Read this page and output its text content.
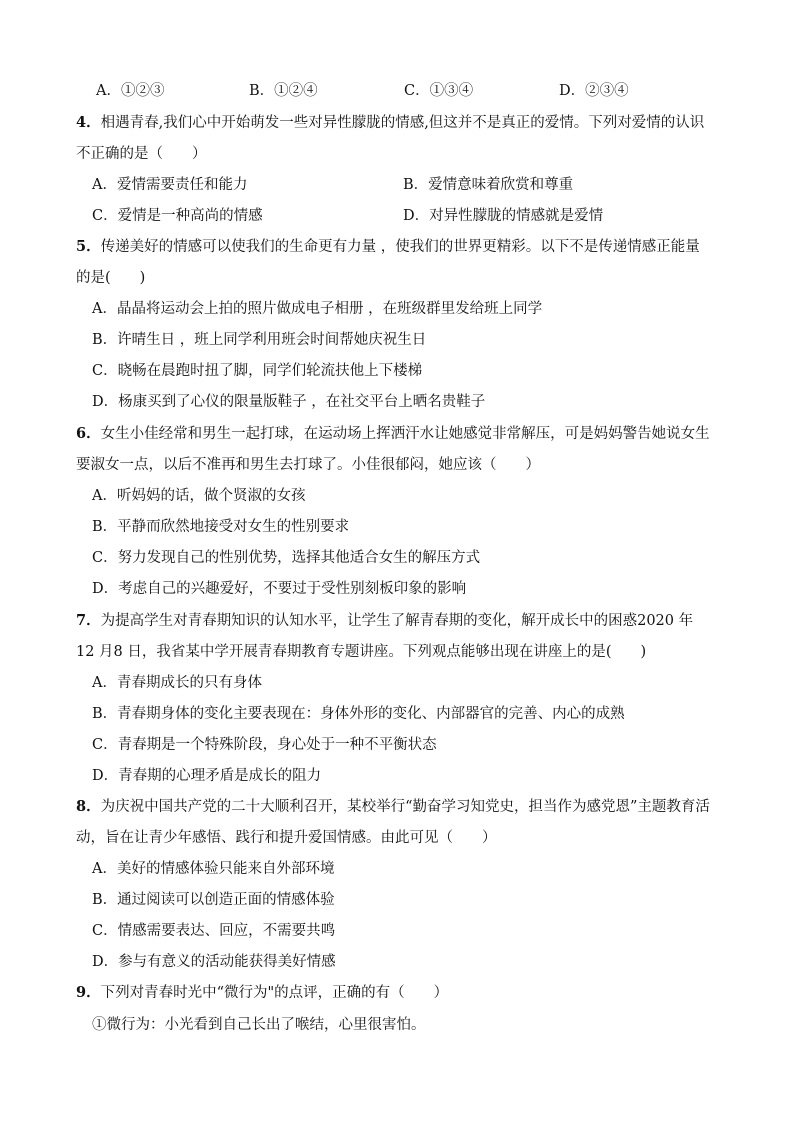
A．①②③	B．①②④	C．①③④	D．②③④
4．相遇青春,我们心中开始萌发一些对异性朦胧的情感,但这并不是真正的爱情。下列对爱情的认识
不正确的是（　　）
A．爱情需要责任和能力	B．爱情意味着欣赏和尊重
C．爱情是一种高尚的情感	D．对异性朦胧的情感就是爱情
5．传递美好的情感可以使我们的生命更有力量 ，使我们的世界更精彩。以下不是传递情感正能量
的是(　　)
A．晶晶将运动会上拍的照片做成电子相册 ，在班级群里发给班上同学
B．许晴生日 ，班上同学利用班会时间帮她庆祝生日
C．晓畅在晨跑时扭了脚，同学们轮流扶他上下楼梯
D．杨康买到了心仪的限量版鞋子 ，在社交平台上晒名贵鞋子
6．女生小佳经常和男生一起打球，在运动场上挥洒汗水让她感觉非常解压，可是妈妈警告她说女生
要淑女一点，以后不准再和男生去打球了。小佳很郁闷，她应该（　　）
A．听妈妈的话，做个贤淑的女孩
B．平静而欣然地接受对女生的性别要求
C．努力发现自己的性别优势，选择其他适合女生的解压方式
D．考虑自己的兴趣爱好，不要过于受性别刻板印象的影响
7．为提高学生对青春期知识的认知水平，让学生了解青春期的变化，解开成长中的困惑2020 年
12 月8 日，我省某中学开展青春期教育专题讲座。下列观点能够出现在讲座上的是(　　)
A．青春期成长的只有身体
B．青春期身体的变化主要表现在：身体外形的变化、内部器官的完善、内心的成熟
C．青春期是一个特殊阶段，身心处于一种不平衡状态
D．青春期的心理矛盾是成长的阻力
8．为庆祝中国共产党的二十大顺利召开，某校举行“勤奋学习知党史，担当作为感党恩”主题教育活
动，旨在让青少年感悟、践行和提升爱国情感。由此可见（　　）
A．美好的情感体验只能来自外部环境
B．通过阅读可以创造正面的情感体验
C．情感需要表达、回应，不需要共鸣
D．参与有意义的活动能获得美好情感
9．下列对青春时光中“微行为"的点评，正确的有（　　）
①微行为：小光看到自己长出了喉结，心里很害怕。
